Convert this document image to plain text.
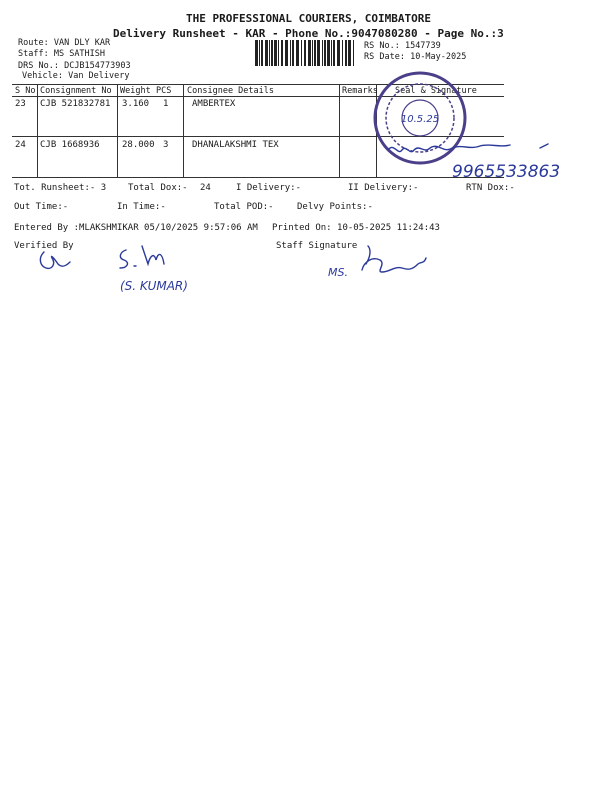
THE PROFESSIONAL COURIERS, COIMBATORE
Delivery Runsheet - KAR - Phone No.:9047080280 - Page No.:3
Route: VAN DLY KAR
Staff: MS SATHISH
DRS No.: DCJB154773903
Vehicle: Van Delivery
RS No.: 1547739
RS Date: 10-May-2025
S No Consignment No Weight PCS Consignee Details	Remarks Seal & Signature
23 CJB 521832781 3.160 1	AMBERTEX
24 CJB 1668936 28.000 3	DHANALAKSHMI TEX
Tot. Runsheet:- 3 Total Dox:- 24	I Delivery:-	II Delivery:-	RTN Dox:-
Out Time:-	In Time:-	Total POD:-	Delvy Points:-
Entered By :MLAKSHMIKAR 05/10/2025 9:57:06 AM Printed On: 10-05-2025 11:24:43
Verified By	Staff Signature
10.5.25
9965533863
(S. KUMAR)
MS.
